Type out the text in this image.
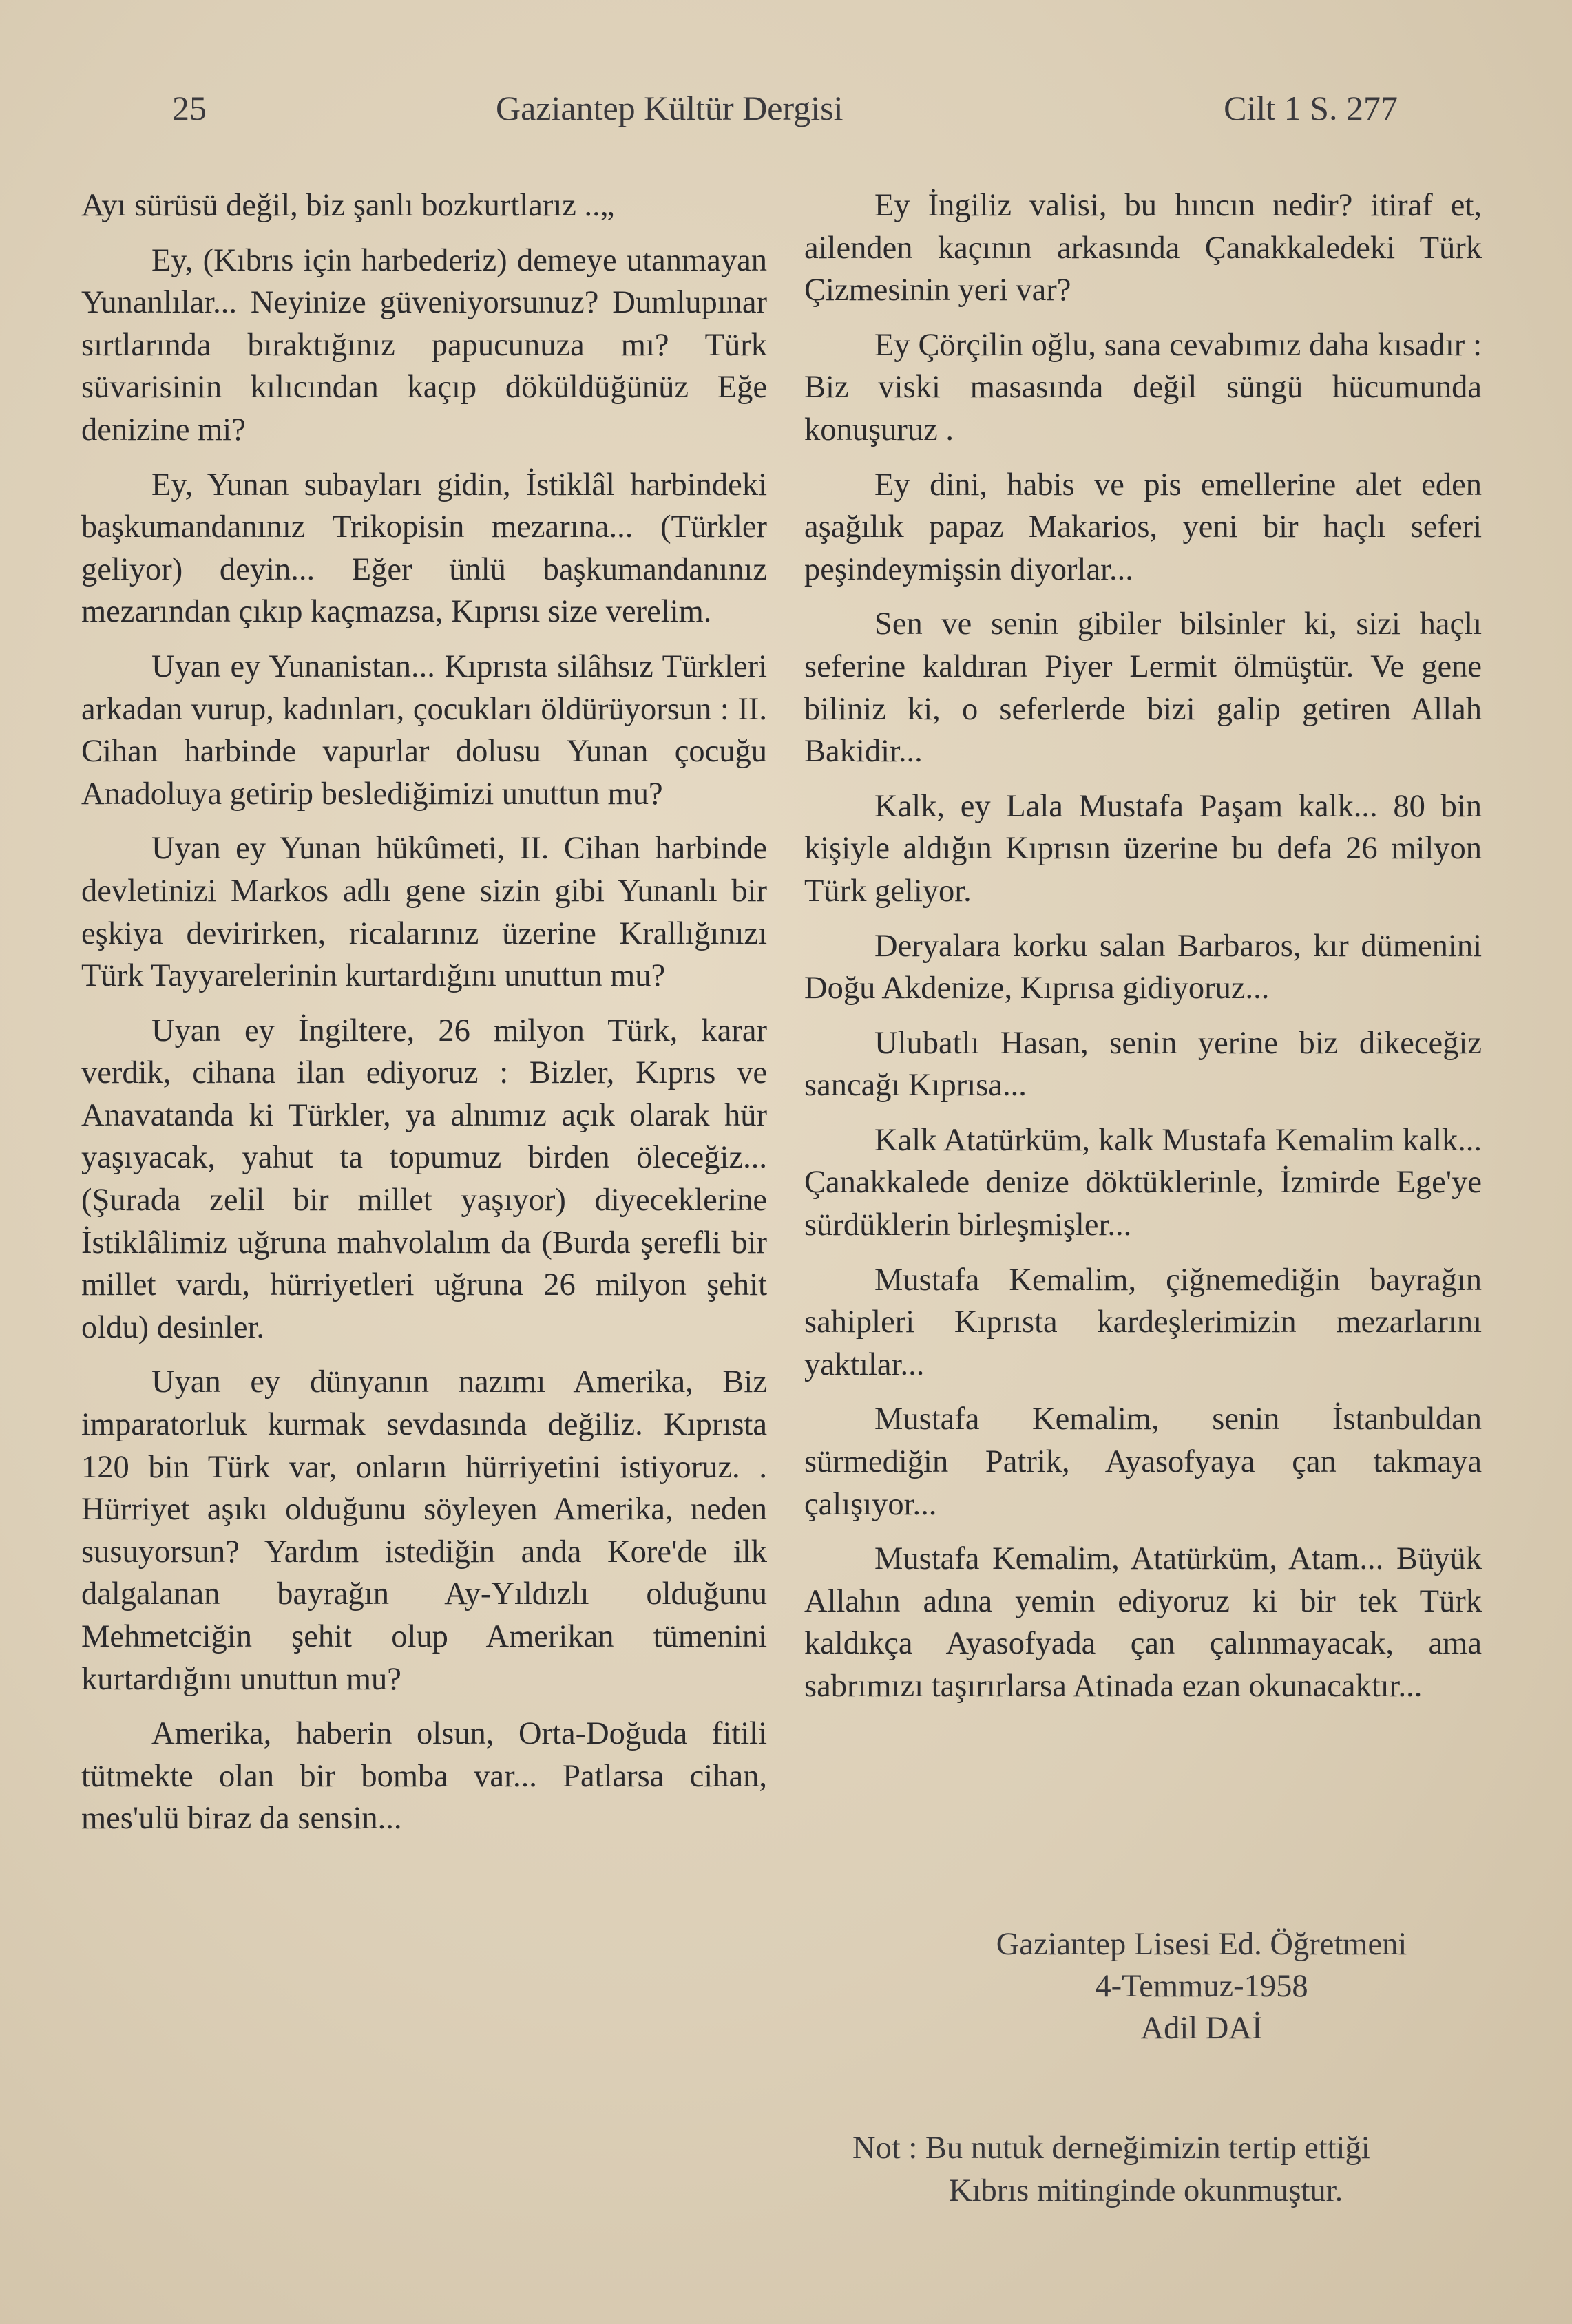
25	Gaziantep Kültür Dergisi	Cilt 1 S. 277

Ayı sürüsü değil, biz şanlı bozkurtlarız ..„

Ey, (Kıbrıs için harbederiz) demeye utanmayan Yunanlılar... Neyinize güveniyorsunuz? Dumlupınar sırtlarında bıraktığınız papucunuza mı? Türk süvarisinin kılıcından kaçıp döküldüğünüz Eğe denizine mi?

Ey, Yunan subayları gidin, İstiklâl harbindeki başkumandanınız Trikopisin mezarına... (Türkler geliyor) deyin... Eğer ünlü başkumandanınız mezarından çıkıp kaçmazsa, Kıprısı size verelim.

Uyan ey Yunanistan... Kıprısta silâhsız Türkleri arkadan vurup, kadınları, çocukları öldürüyorsun : II. Cihan harbinde vapurlar dolusu Yunan çocuğu Anadoluya getirip beslediğimizi unuttun mu?

Uyan ey Yunan hükûmeti, II. Cihan harbinde devletinizi Markos adlı gene sizin gibi Yunanlı bir eşkiya devirirken, ricalarınız üzerine Krallığınızı Türk Tayyarelerinin kurtardığını unuttun mu?

Uyan ey İngiltere, 26 milyon Türk, karar verdik, cihana ilan ediyoruz : Bizler, Kıprıs ve Anavatanda ki Türkler, ya alnımız açık olarak hür yaşıyacak, yahut ta topumuz birden öleceğiz... (Şurada zelil bir millet yaşıyor) diyeceklerine İstiklâlimiz uğruna mahvolalım da (Burda şerefli bir millet vardı, hürriyetleri uğruna 26 milyon şehit oldu) desinler.

Uyan ey dünyanın nazımı Amerika, Biz imparatorluk kurmak sevdasında değiliz. Kıprısta 120 bin Türk var, onların hürriyetini istiyoruz. . Hürriyet aşıkı olduğunu söyleyen Amerika, neden susuyorsun? Yardım istediğin anda Kore'de ilk dalgalanan bayrağın Ay-Yıldızlı olduğunu Mehmetciğin şehit olup Amerikan tümenini kurtardığını unuttun mu?

Amerika, haberin olsun, Orta-Doğuda fitili tütmekte olan bir bomba var... Patlarsa cihan, mes'ulü biraz da sensin...

Ey İngiliz valisi, bu hıncın nedir? itiraf et, ailenden kaçının arkasında Çanakkaledeki Türk Çizmesinin yeri var?

Ey Çörçilin oğlu, sana cevabımız daha kısadır : Biz viski masasında değil süngü hücumunda konuşuruz .

Ey dini, habis ve pis emellerine alet eden aşağılık papaz Makarios, yeni bir haçlı seferi peşindeymişsin diyorlar...

Sen ve senin gibiler bilsinler ki, sizi haçlı seferine kaldıran Piyer Lermit ölmüştür. Ve gene biliniz ki, o seferlerde bizi galip getiren Allah Bakidir...

Kalk, ey Lala Mustafa Paşam kalk... 80 bin kişiyle aldığın Kıprısın üzerine bu defa 26 milyon Türk geliyor.

Deryalara korku salan Barbaros, kır dümenini Doğu Akdenize, Kıprısa gidiyoruz...

Ulubatlı Hasan, senin yerine biz dikeceğiz sancağı Kıprısa...

Kalk Atatürküm, kalk Mustafa Kemalim kalk... Çanakkalede denize döktüklerinle, İzmirde Ege'ye sürdüklerin birleşmişler...

Mustafa Kemalim, çiğnemediğin bayrağın sahipleri Kıprısta kardeşlerimizin mezarlarını yaktılar...

Mustafa Kemalim, senin İstanbuldan sürmediğin Patrik, Ayasofyaya çan takmaya çalışıyor...

Mustafa Kemalim, Atatürküm, Atam... Büyük Allahın adına yemin ediyoruz ki bir tek Türk kaldıkça Ayasofyada çan çalınmayacak, ama sabrımızı taşırırlarsa Atinada ezan okunacaktır...

Gaziantep Lisesi Ed. Öğretmeni
4-Temmuz-1958
Adil DAİ
Not : Bu nutuk derneğimizin tertip ettiği
Kıbrıs mitinginde okunmuştur.
